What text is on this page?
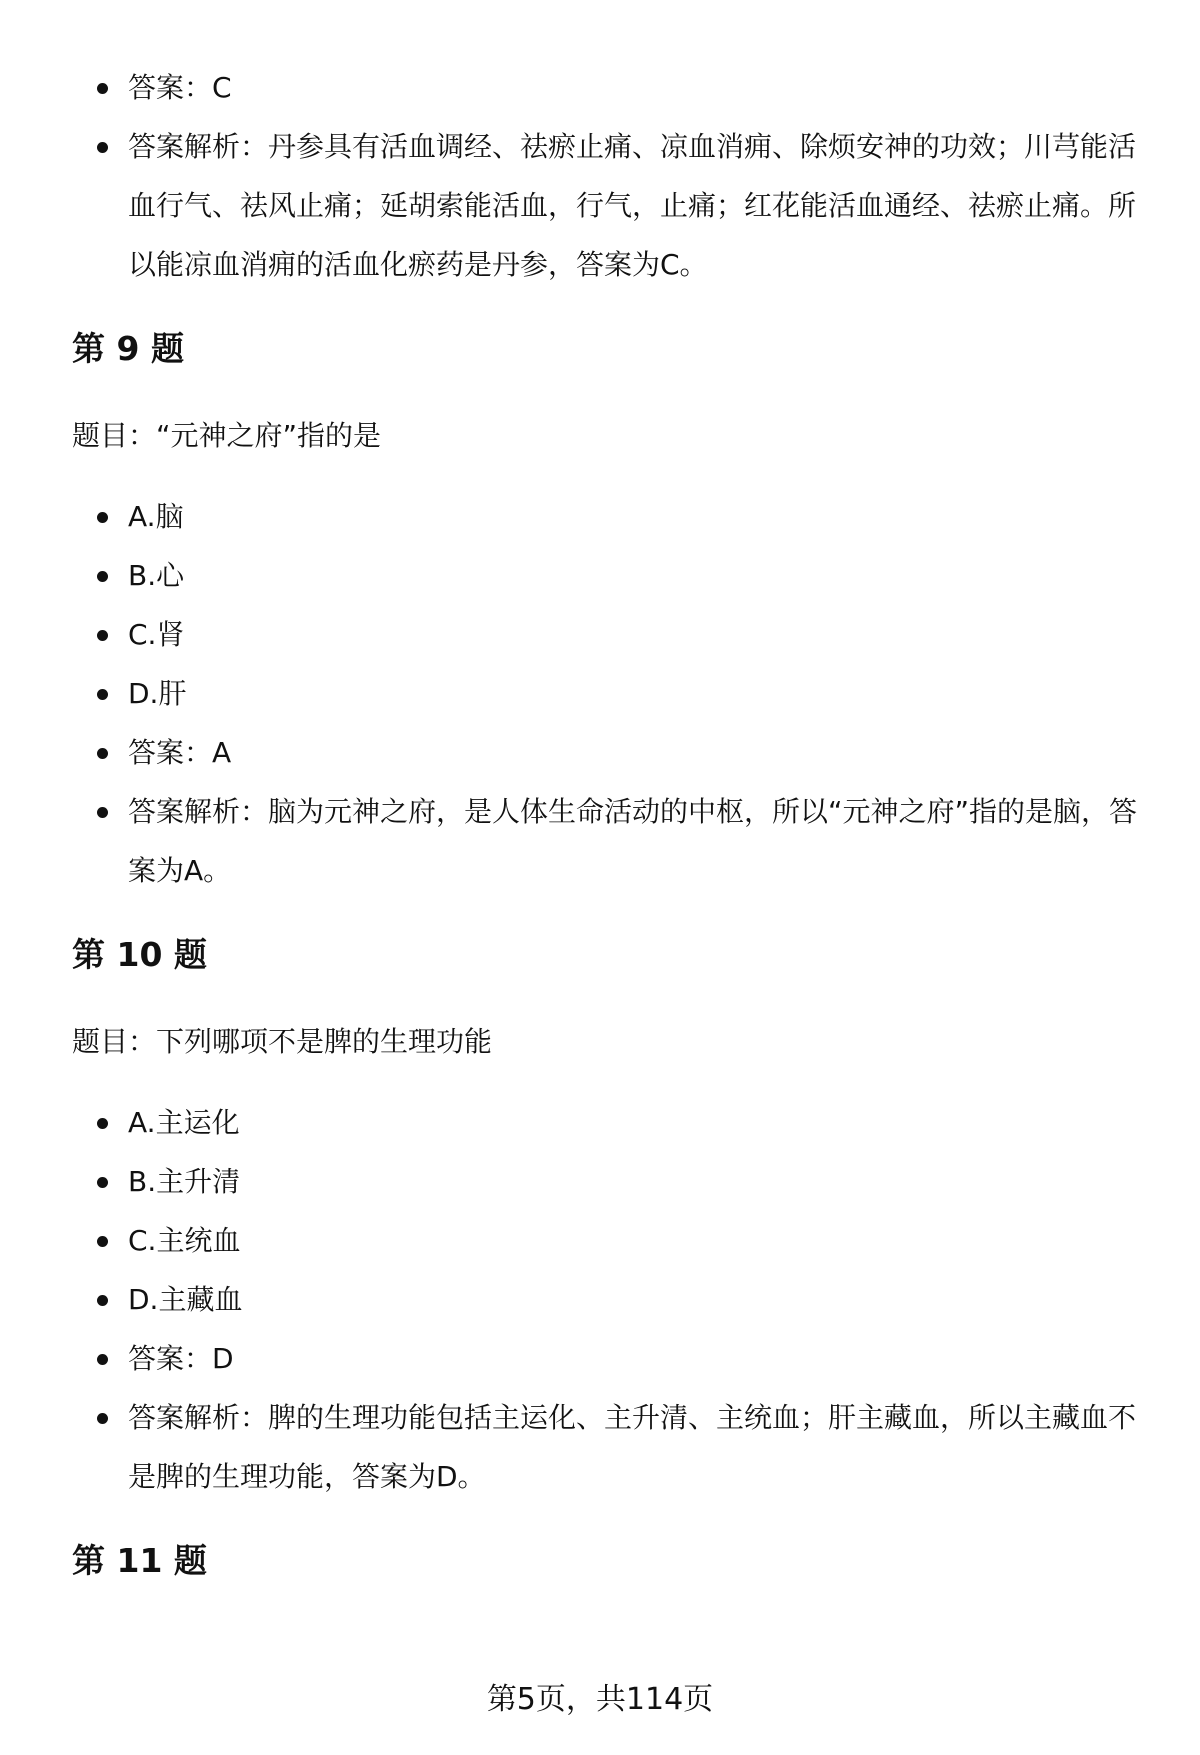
答案：C
答案解析：丹参具有活血调经、祛瘀止痛、凉血消痈、除烦安神的功效；川芎能活血行气、祛风止痛；延胡索能活血，行气，止痛；红花能活血通经、祛瘀止痛。所以能凉血消痈的活血化瘀药是丹参，答案为C。
第 9 题

题目：“元神之府”指的是

A.脑
B.心
C.肾
D.肝
答案：A
答案解析：脑为元神之府，是人体生命活动的中枢，所以“元神之府”指的是脑，答案为A。
第 10 题

题目：下列哪项不是脾的生理功能

A.主运化
B.主升清
C.主统血
D.主藏血
答案：D
答案解析：脾的生理功能包括主运化、主升清、主统血；肝主藏血，所以主藏血不是脾的生理功能，答案为D。
第 11 题
第5页，共114页
